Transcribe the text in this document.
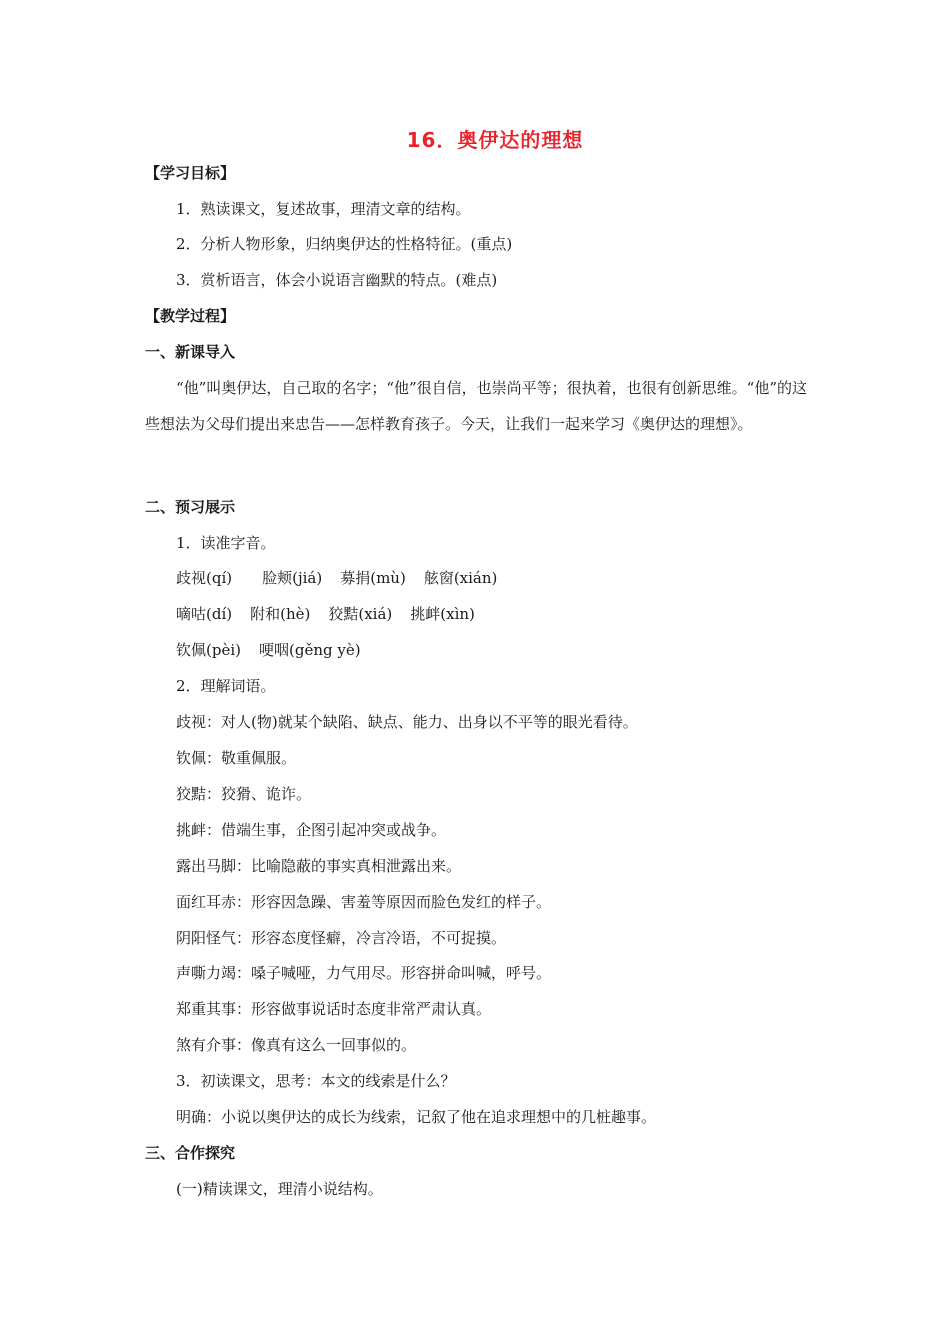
16．奥伊达的理想
【学习目标】
1．熟读课文，复述故事，理清文章的结构。
2．分析人物形象，归纳奥伊达的性格特征。(重点)
3．赏析语言，体会小说语言幽默的特点。(难点)
【教学过程】
一、新课导入
“他”叫奥伊达，自己取的名字；“他”很自信，也崇尚平等；很执着，也很有创新思维。“他”的这些想法为父母们提出来忠告——怎样教育孩子。今天，让我们一起来学习《奥伊达的理想》。
二、预习展示
1．读准字音。
歧视(qí) 脸颊(jiá) 募捐(mù) 舷窗(xián)
嘀咕(dí) 附和(hè) 狡黠(xiá) 挑衅(xìn)
钦佩(pèi) 哽咽(gěng yè)
2．理解词语。
歧视：对人(物)就某个缺陷、缺点、能力、出身以不平等的眼光看待。
钦佩：敬重佩服。
狡黠：狡猾、诡诈。
挑衅：借端生事，企图引起冲突或战争。
露出马脚：比喻隐蔽的事实真相泄露出来。
面红耳赤：形容因急躁、害羞等原因而脸色发红的样子。
阴阳怪气：形容态度怪癖，冷言冷语，不可捉摸。
声嘶力竭：嗓子喊哑，力气用尽。形容拼命叫喊，呼号。
郑重其事：形容做事说话时态度非常严肃认真。
煞有介事：像真有这么一回事似的。
3．初读课文，思考：本文的线索是什么？
明确：小说以奥伊达的成长为线索，记叙了他在追求理想中的几桩趣事。
三、合作探究
(一)精读课文，理清小说结构。
